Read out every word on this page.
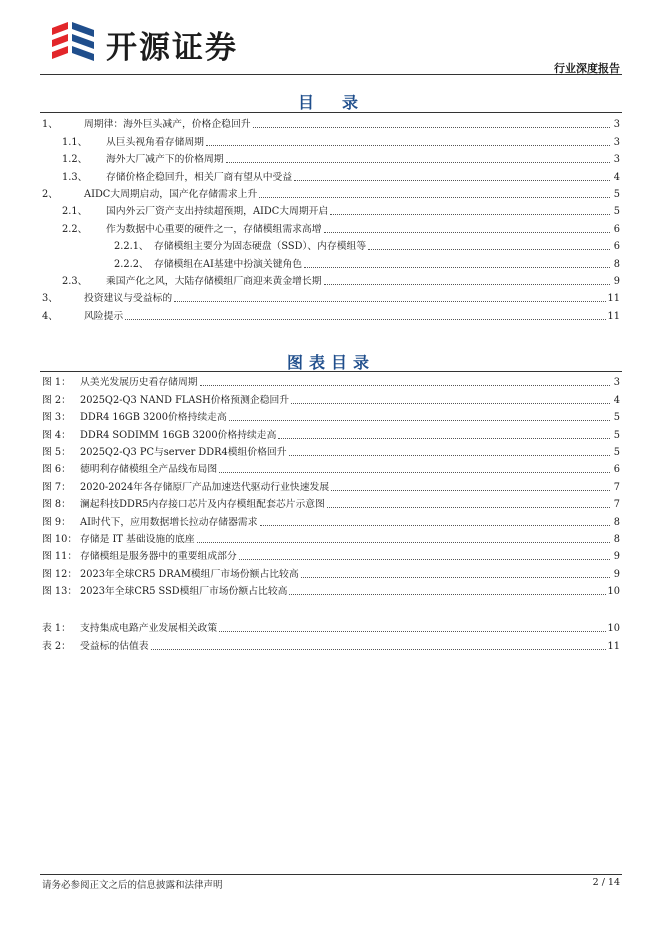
开源证券
行业深度报告
目　录
1、	周期律：海外巨头减产，价格企稳回升	3
1.1、	从巨头视角看存储周期	3
1.2、	海外大厂减产下的价格周期	3
1.3、	存储价格企稳回升，相关厂商有望从中受益	4
2、	AIDC大周期启动，国产化存储需求上升	5
2.1、	国内外云厂资产支出持续超预期，AIDC大周期开启	5
2.2、	作为数据中心重要的硬件之一，存储模组需求高增	6
2.2.1、 存储模组主要分为固态硬盘（SSD）、内存模组等	6
2.2.2、 存储模组在AI基建中扮演关键角色	8
2.3、	乘国产化之风，大陆存储模组厂商迎来黄金增长期	9
3、	投资建议与受益标的	11
4、	风险提示	11
图表目录
图 1： 从美光发展历史看存储周期	3
图 2： 2025Q2-Q3 NAND FLASH价格预测企稳回升	4
图 3： DDR4 16GB 3200价格持续走高	5
图 4： DDR4 SODIMM 16GB 3200价格持续走高	5
图 5： 2025Q2-Q3 PC与server DDR4模组价格回升	5
图 6： 德明利存储模组全产品线布局图	6
图 7： 2020-2024年各存储原厂产品加速迭代驱动行业快速发展	7
图 8： 澜起科技DDR5内存接口芯片及内存模组配套芯片示意图	7
图 9： AI时代下，应用数据增长拉动存储器需求	8
图 10： 存储是 IT 基础设施的底座	8
图 11： 存储模组是服务器中的重要组成部分	9
图 12： 2023年全球CR5 DRAM模组厂市场份额占比较高	9
图 13： 2023年全球CR5 SSD模组厂市场份额占比较高	10
表 1： 支持集成电路产业发展相关政策	10
表 2： 受益标的估值表	11
请务必参阅正文之后的信息披露和法律声明	2 / 14
